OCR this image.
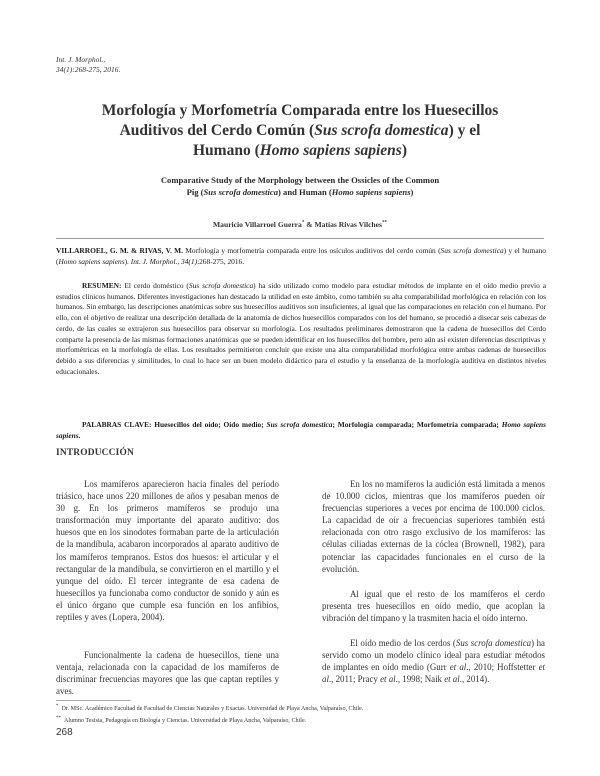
Int. J. Morphol.,
34(1):268-275, 2016.
Morfología y Morfometría Comparada entre los Huesecillos
Auditivos del Cerdo Común (Sus scrofa domestica) y el
Humano (Homo sapiens sapiens)
Comparative Study of the Morphology between the Ossicles of the Common
Pig (Sus scrofa domestica) and Human (Homo sapiens sapiens)
Mauricio Villarroel Guerra* & Matías Rivas Vilches**
VILLARROEL, G. M. & RIVAS, V. M. Morfología y morfometría comparada entre los osículos auditivos del cerdo común (Sus scrofa domestica) y el humano (Homo sapiens sapiens). Int. J. Morphol., 34(1):268-275, 2016.
RESUMEN: El cerdo doméstico (Sus scrofa domestica) ha sido utilizado como modelo para estudiar métodos de implante en el oído medio previo a estudios clínicos humanos. Diferentes investigaciones han destacado la utilidad en este ámbito, como también su alta comparabilidad morfológica en relación con los humanos. Sin embargo, las descripciones anatómicas sobre sus huesecillos auditivos son insuficientes, al igual que las comparaciones en relación con el humano. Por ello, con el objetivo de realizar una descripción detallada de la anatomía de dichos huesecillos comparados con los del humano, se procedió a disecar seis cabezas de cerdo, de las cuales se extrajeron sus huesecillos para observar su morfología. Los resultados preliminares demostraron que la cadena de huesecillos del Cerdo comparte la presencia de las mismas formaciones anatómicas que se pueden identificar en los huesecillos del hombre, pero aún así existen diferencias descriptivas y morfométricas en la morfología de ellas. Los resultados permitieron concluir que existe una alta comparabilidad morfológica entre ambas cadenas de huesecillos debido a sus diferencias y similitudes, lo cual lo hace ser un buen modelo didáctico para el estudio y la enseñanza de la morfología auditiva en distintos niveles educacionales.
PALABRAS CLAVE: Huesecillos del oído; Oído medio; Sus scrofa domestica; Morfología comparada; Morfometría comparada; Homo sapiens sapiens.
INTRODUCCIÓN

Los mamíferos aparecieron hacia finales del período triásico, hace unos 220 millones de años y pesaban menos de 30 g. En los primeros mamíferos se produjo una transformación muy importante del aparato auditivo: dos huesos que en los sinodotes formaban parte de la articulación de la mandíbula, acabaron incorporados al aparato auditivo de los mamíferos tempranos. Estos dos huesos: el articular y el rectangular de la mandíbula, se convirtieron en el martillo y el yunque del oído. El tercer integrante de esa cadena de huesecillos ya funcionaba como conductor de sonido y aún es el único órgano que cumple esa función en los anfibios, reptiles y aves (Lopera, 2004).

Funcionalmente la cadena de huesecillos, tiene una ventaja, relacionada con la capacidad de los mamíferos de discriminar frecuencias mayores que las que captan reptiles y aves.

En los no mamíferos la audición está limitada a menos de 10.000 ciclos, mientras que los mamíferos pueden oír frecuencias superiores a veces por encima de 100.000 ciclos. La capacidad de oír a frecuencias superiores también está relacionada con otro rasgo exclusivo de los mamíferos: las células ciliadas externas de la cóclea (Brownell, 1982), para potenciar las capacidades funcionales en el curso de la evolución.

Al igual que el resto de los mamíferos el cerdo presenta tres huesecillos en oído medio, que acoplan la vibración del tímpano y la trasmiten hacia el oído interno.

El oído medio de los cerdos (Sus scrofa domestica) ha servido como un modelo clínico ideal para estudiar métodos de implantes en oído medio (Gurr et al., 2010; Hoffstetter et al., 2011; Pracy et al., 1998; Naik et al., 2014).

* Dr. MSc. Académico Facultad de Facultad de Ciencias Naturales y Exactas. Universidad de Playa Ancha, Valparaíso, Chile.
** Alumno Tesista, Pedagogía en Biología y Ciencias. Universidad de Playa Ancha, Valparaíso, Chile.
268
